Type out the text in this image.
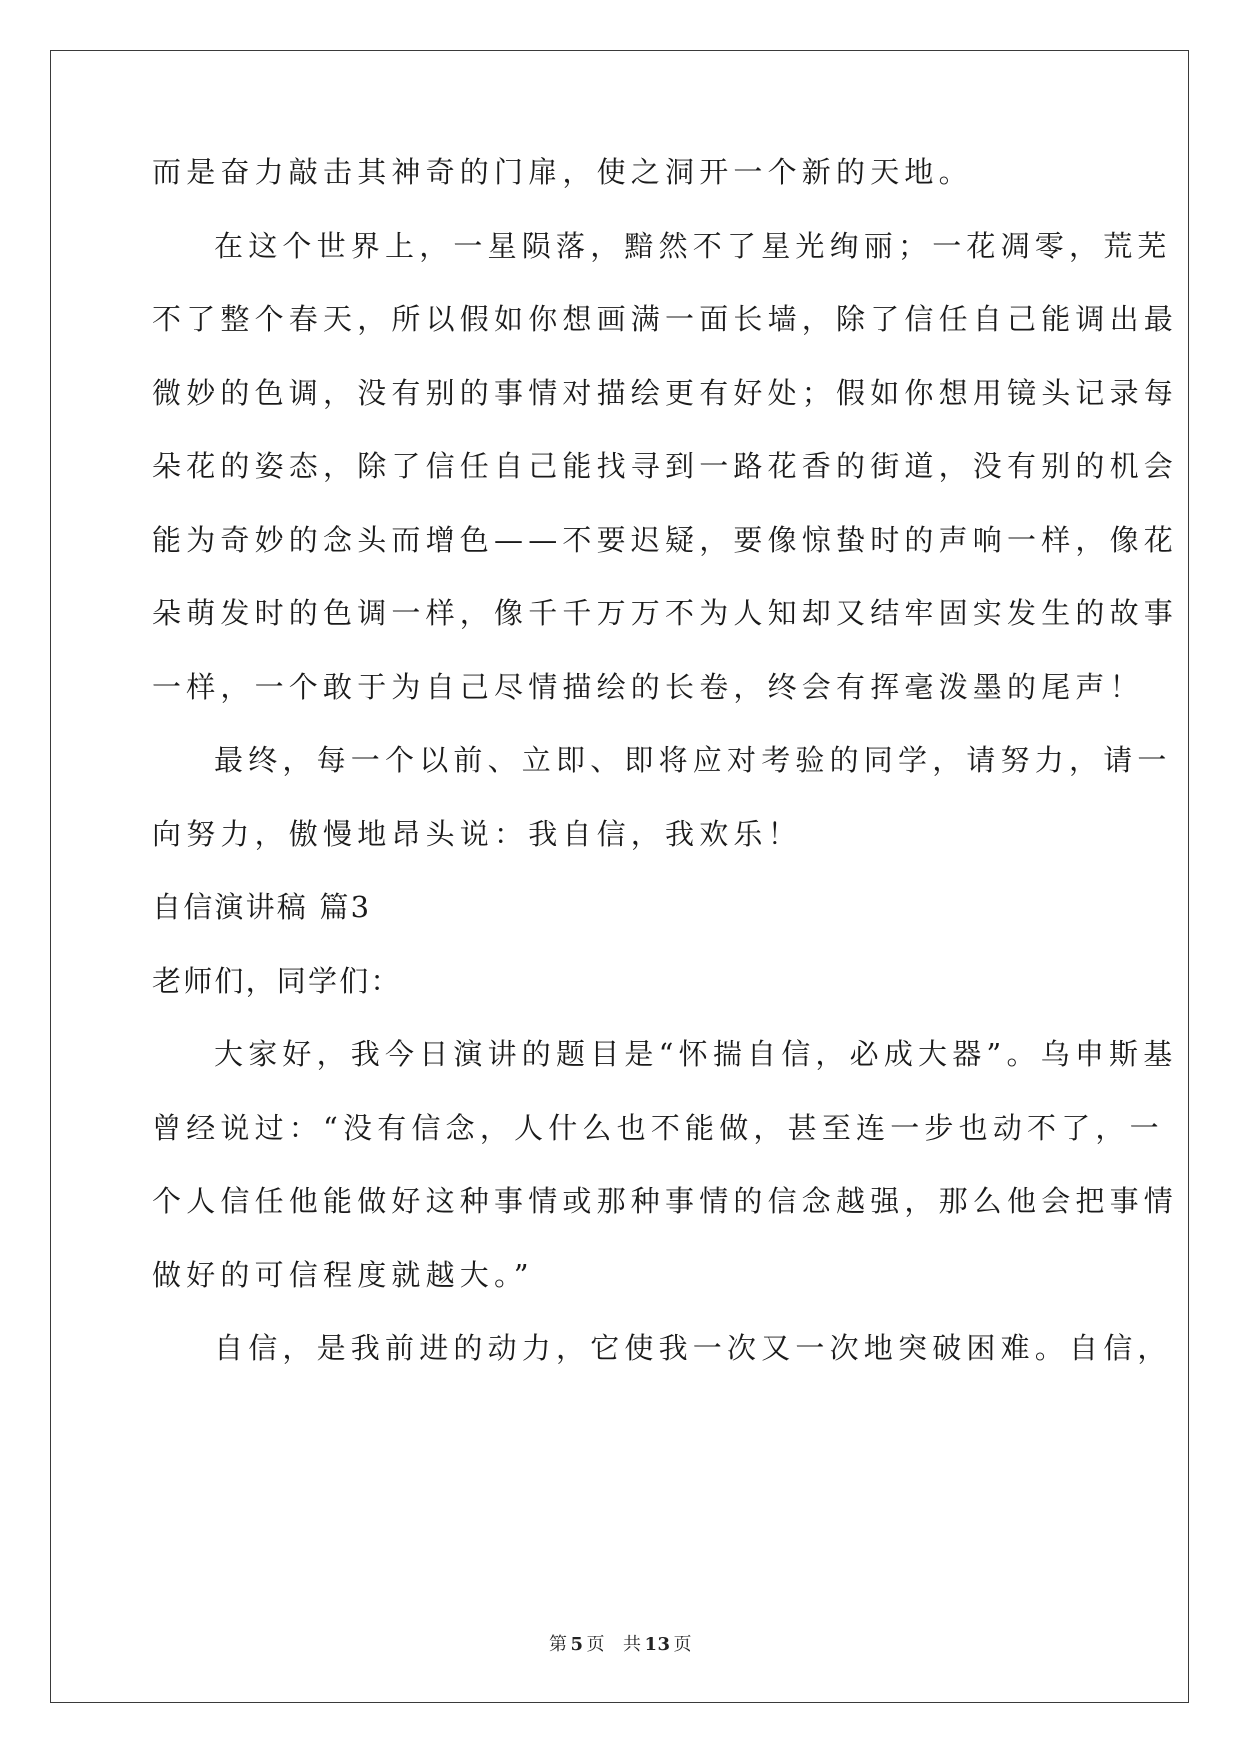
而是奋力敲击其神奇的门扉，使之洞开一个新的天地。
在这个世界上，一星陨落，黯然不了星光绚丽；一花凋零，荒芜
不了整个春天，所以假如你想画满一面长墙，除了信任自己能调出最
微妙的色调，没有别的事情对描绘更有好处；假如你想用镜头记录每
朵花的姿态，除了信任自己能找寻到一路花香的街道，没有别的机会
能为奇妙的念头而增色——不要迟疑，要像惊蛰时的声响一样，像花
朵萌发时的色调一样，像千千万万不为人知却又结牢固实发生的故事
一样，一个敢于为自己尽情描绘的长卷，终会有挥毫泼墨的尾声！
最终，每一个以前、立即、即将应对考验的同学，请努力，请一
向努力，傲慢地昂头说：我自信，我欢乐！
自信演讲稿 篇3
老师们，同学们：
大家好，我今日演讲的题目是“怀揣自信，必成大器”。乌申斯基
曾经说过：“没有信念，人什么也不能做，甚至连一步也动不了，一
个人信任他能做好这种事情或那种事情的信念越强，那么他会把事情
做好的可信程度就越大。”
自信，是我前进的动力，它使我一次又一次地突破困难。自信，
第 5 页 共 13 页
